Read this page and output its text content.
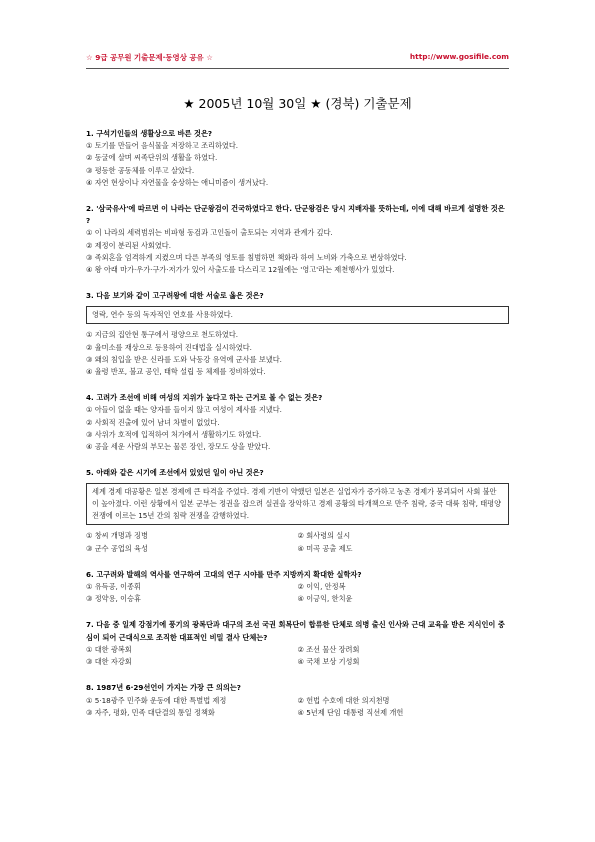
☆ 9급 공무원 기출문제·동영상 공유 ☆	http://www.gosifile.com
★ 2005년 10월 30일 ★ (경북) 기출문제
1. 구석기인들의 생활상으로 바른 것은?
① 토기를 만들어 음식물을 저장하고 조리하였다.
② 동굴에 살며 씨족단위의 생활을 하였다.
③ 평등한 공동체를 이루고 살았다.
④ 자연 현상이나 자연물을 숭상하는 애니미즘이 생겨났다.
2. '삼국유사'에 따르면 이 나라는 단군왕검이 건국하였다고 한다. 단군왕검은 당시 지배자를 뜻하는데, 이에 대해 바르게 설명한 것은 ?
① 이 나라의 세력범위는 비파형 동검과 고인돌이 출토되는 지역과 관계가 깊다.
② 제정이 분리된 사회였다.
③ 족외혼을 엄격하게 지켰으며 다른 부족의 영토를 침범하면 책화라 하여 노비와 가축으로 변상하였다.
④ 왕 아래 마가·우가·구가·저가가 있어 사출도를 다스리고 12월에는 '영고'라는 제천행사가 있었다.
3. 다음 보기와 같이 고구려왕에 대한 서술로 옳은 것은?
영락, 연수 등의 독자적인 연호를 사용하였다.
① 지금의 집안현 통구에서 평양으로 천도하였다.
② 율미소를 재상으로 등용하여 진대법을 실시하였다.
③ 왜의 침입을 받은 신라를 도와 낙동강 유역에 군사를 보냈다.
④ 율령 반포, 불교 공인, 태학 설립 등 체제를 정비하였다.
4. 고려가 조선에 비해 여성의 지위가 높다고 하는 근거로 볼 수 없는 것은?
① 아들이 없을 때는 양자를 들이지 않고 여성이 제사를 지냈다.
② 사회적 진출에 있어 남녀 차별이 없었다.
③ 사위가 호적에 입적하여 처가에서 생활하기도 하였다.
④ 공을 세운 사람의 부모는 물론 장인, 장모도 상을 받았다.
5. 아래와 같은 시기에 조선에서 있었던 일이 아닌 것은?
세계 경제 대공황은 일본 경제에 큰 타격을 주었다. 경제 기반이 약했던 일본은 실업자가 증가하고 농촌 경제가 붕괴되어 사회 불안이 높아졌다. 이런 상황에서 일본 군부는 정권을 잡으려 실권을 장악하고 경제 공황의 타개책으로 만주 침략, 중국 대륙 침략, 태평양 전쟁에 이르는 15년 간의 침략 전쟁을 감행하였다.
① 창씨 개명과 징병	② 회사령의 실시
③ 군수 공업의 육성	④ 미곡 공출 제도
6. 고구려와 발해의 역사를 연구하여 고대의 연구 시야를 만주 지방까지 확대한 실학자?
① 유득공, 이종휘	② 이익, 안정복
③ 정약용, 이승휴	④ 이긍익, 한치윤
7. 다음 중 일제 강점기에 풍기의 광복단과 대구의 조선 국권 회복단이 합류한 단체로 의병 출신 인사와 근대 교육을 받은 지식인이 중심이 되어 근대식으로 조직한 대표적인 비밀 결사 단체는?
① 대한 광복회	② 조선 물산 장려회
③ 대한 자강회	④ 국채 보상 기성회
8. 1987년 6·29선언이 가지는 가장 큰 의의는?
① 5·18광주 민주화 운동에 대한 특별법 제정	② 헌법 수호에 대한 의지천명
③ 자주, 평화, 민족 대단결의 통일 정책화	④ 5년제 단임 대통령 직선제 개헌
